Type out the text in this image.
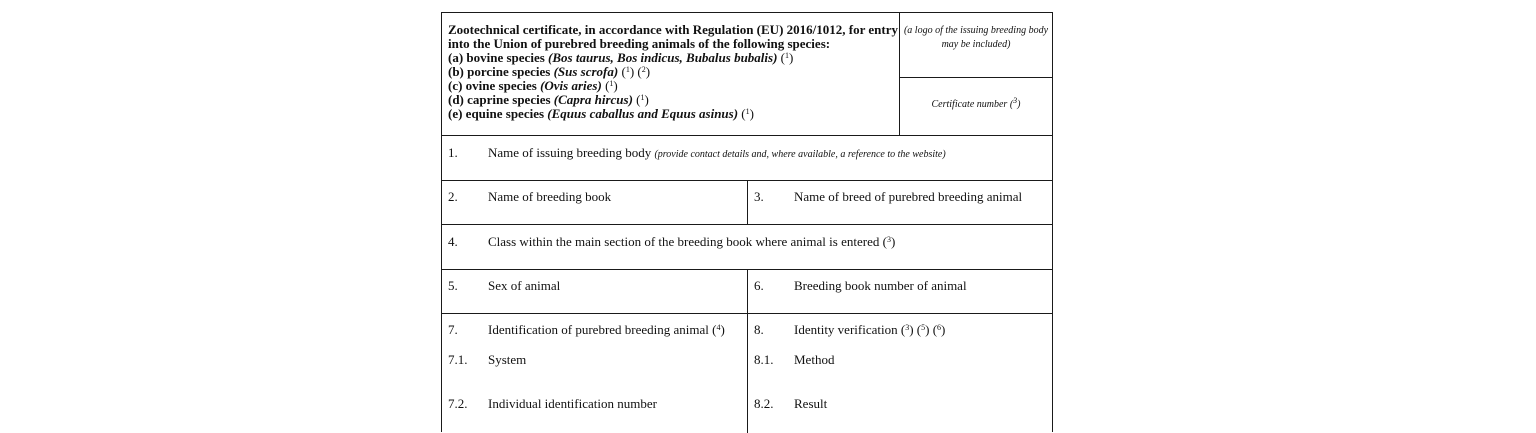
Zootechnical certificate, in accordance with Regulation (EU) 2016/1012, for entry
into the Union of purebred breeding animals of the following species:
(a) bovine species (Bos taurus, Bos indicus, Bubalus bubalis) ($^1$)
(b) porcine species (Sus scrofa) ($^1$) ($^2$)
(c) ovine species (Ovis aries) ($^1$)
(d) caprine species (Capra hircus) ($^1$)
(e) equine species (Equus caballus and Equus asinus) ($^1$)
(a logo of the issuing breeding body may be included)
Certificate number ($^3$)
1. Name of issuing breeding body (provide contact details and, where available, a reference to the website)
2. Name of breeding book	3. Name of breed of purebred breeding animal
4. Class within the main section of the breeding book where animal is entered ($^3$)
5. Sex of animal	6. Breeding book number of animal
7. Identification of purebred breeding animal ($^4$)
7.1. System
7.2. Individual identification number
8. Identity verification ($^3$) ($^5$) ($^6$)
8.1. Method
8.2. Result
